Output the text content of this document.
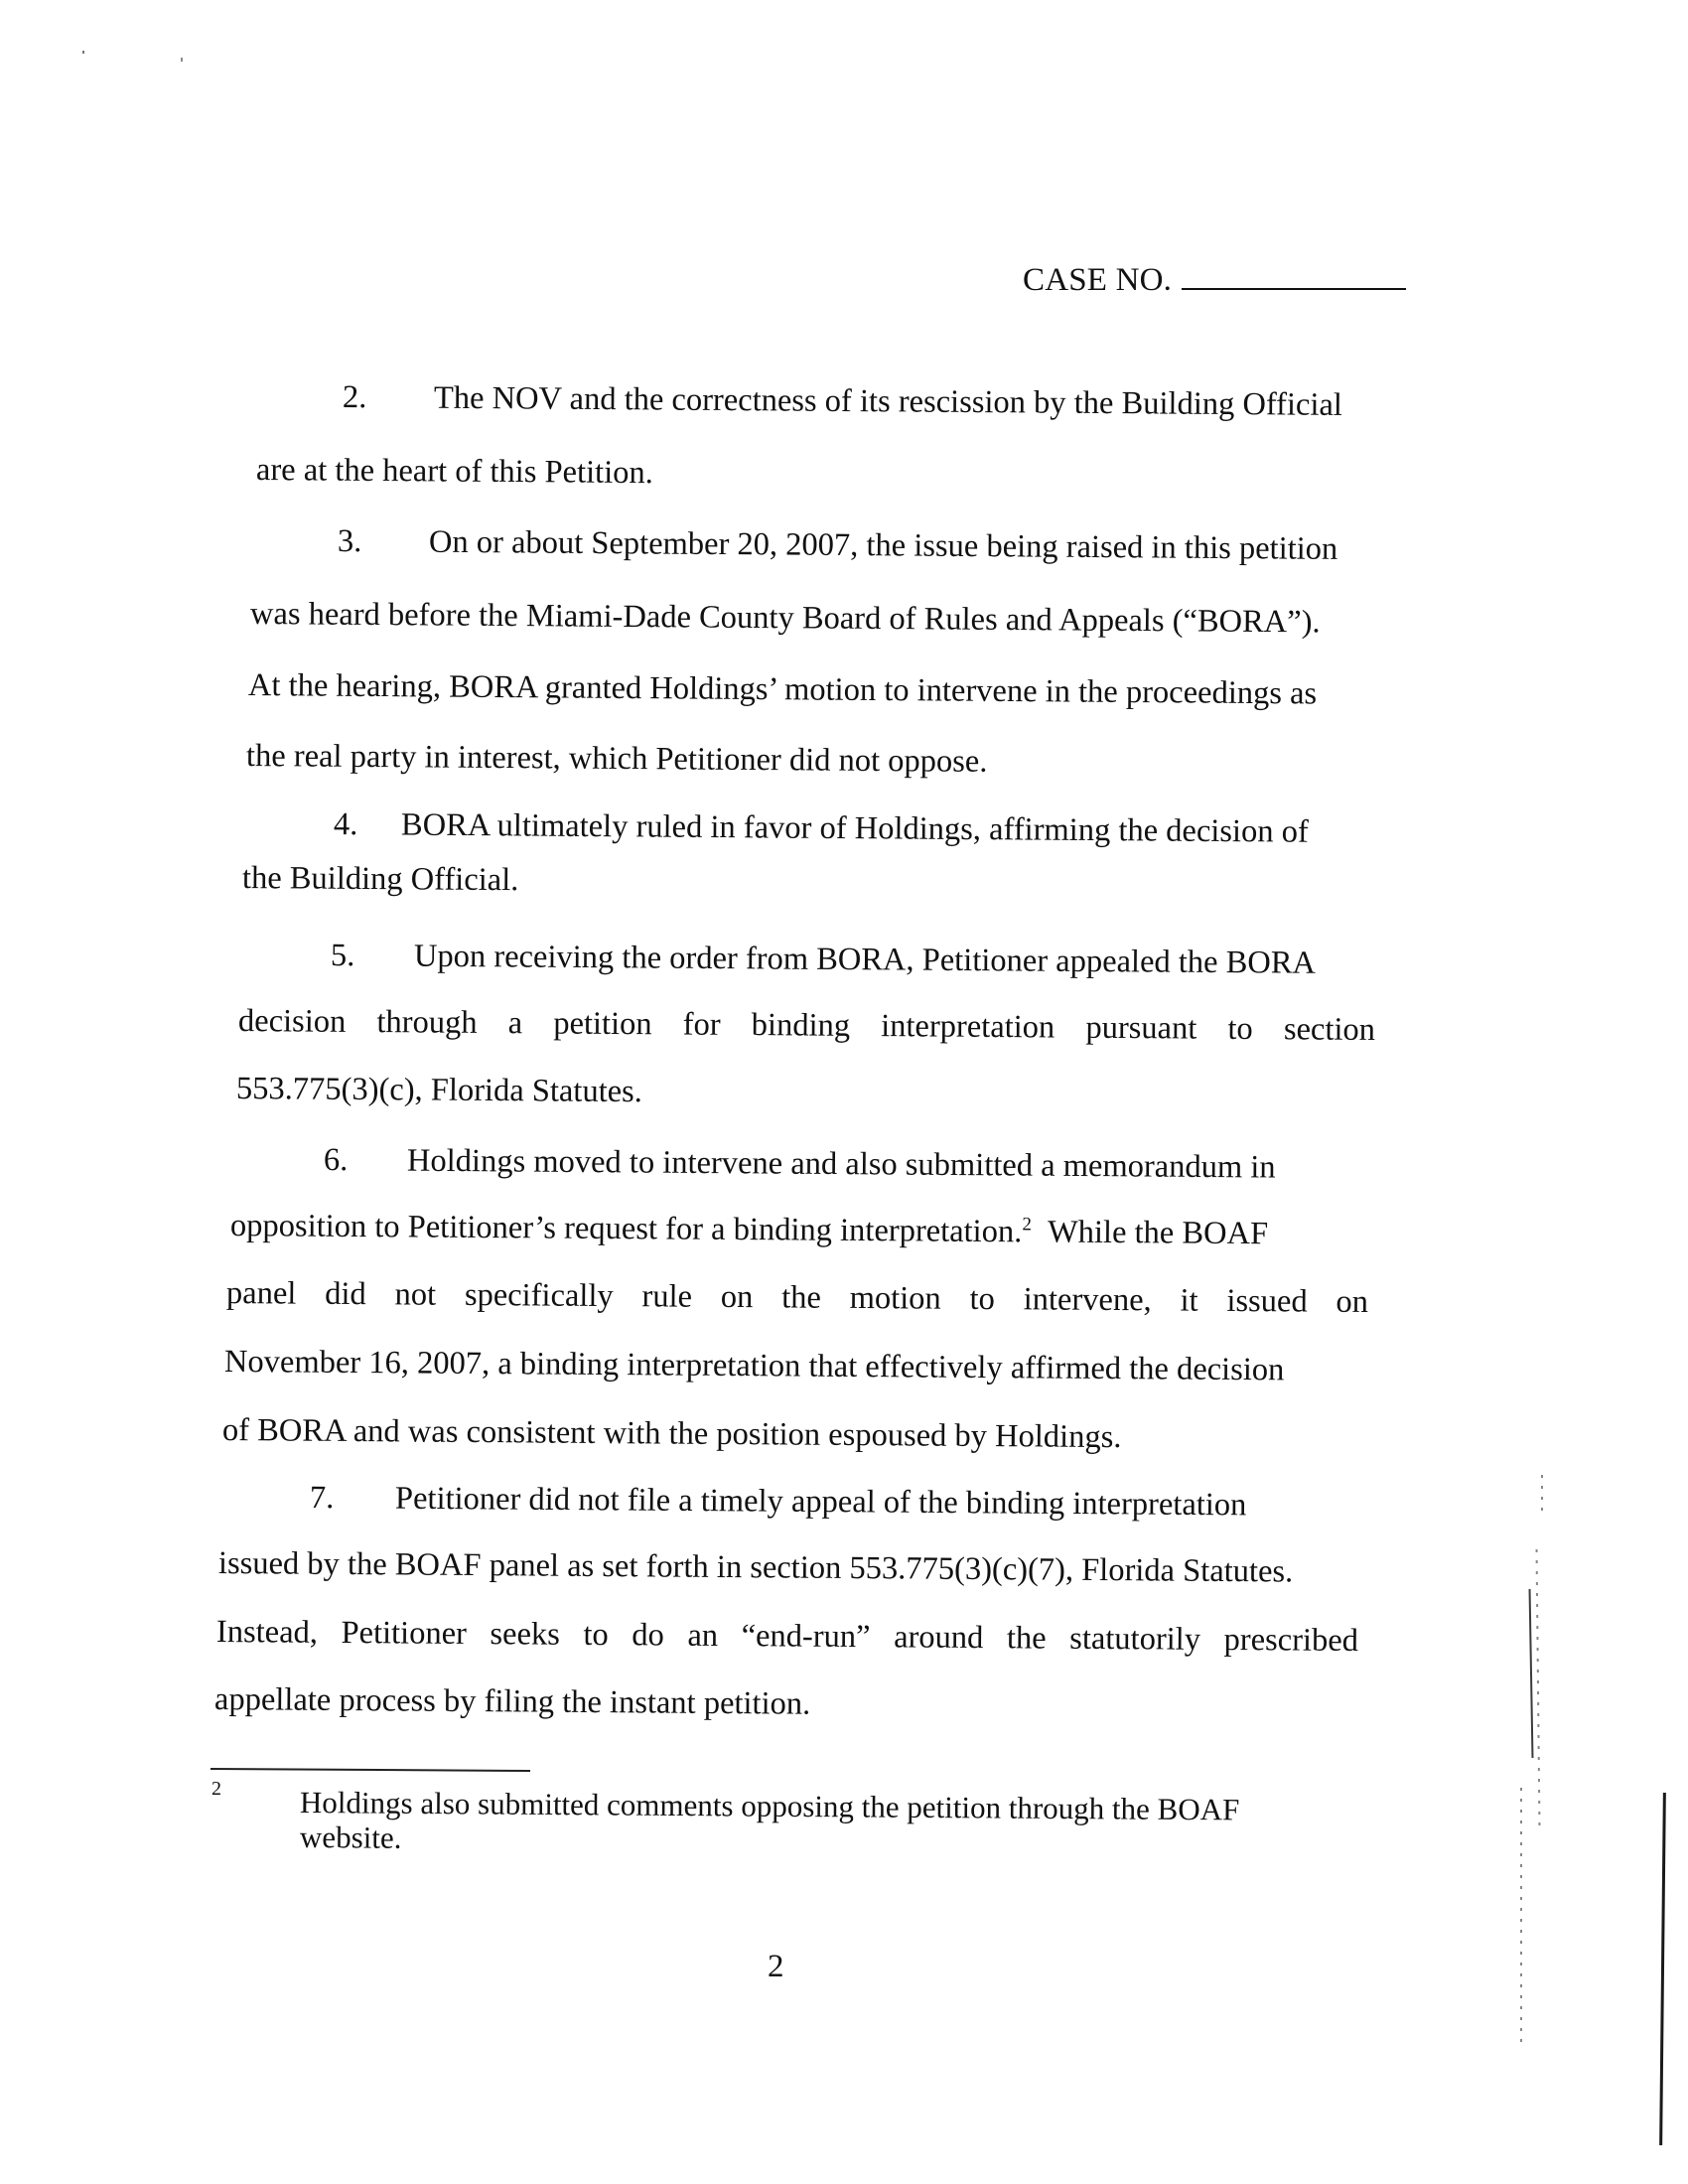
CASE NO.
2. The NOV and the correctness of its rescission by the Building Official
are at the heart of this Petition.
3. On or about September 20, 2007, the issue being raised in this petition
was heard before the Miami-Dade County Board of Rules and Appeals (“BORA”).
At the hearing, BORA granted Holdings’ motion to intervene in the proceedings as
the real party in interest, which Petitioner did not oppose.
4. BORA ultimately ruled in favor of Holdings, affirming the decision of
the Building Official.
5. Upon receiving the order from BORA, Petitioner appealed the BORA
decision through a petition for binding interpretation pursuant to section
553.775(3)(c), Florida Statutes.
6. Holdings moved to intervene and also submitted a memorandum in
opposition to Petitioner’s request for a binding interpretation.$^2$ While the BOAF
panel did not specifically rule on the motion to intervene, it issued on
November 16, 2007, a binding interpretation that effectively affirmed the decision
of BORA and was consistent with the position espoused by Holdings.
7. Petitioner did not file a timely appeal of the binding interpretation
issued by the BOAF panel as set forth in section 553.775(3)(c)(7), Florida Statutes.
Instead, Petitioner seeks to do an “end-run” around the statutorily prescribed
appellate process by filing the instant petition.
2	Holdings also submitted comments opposing the petition through the BOAF
website.
2
